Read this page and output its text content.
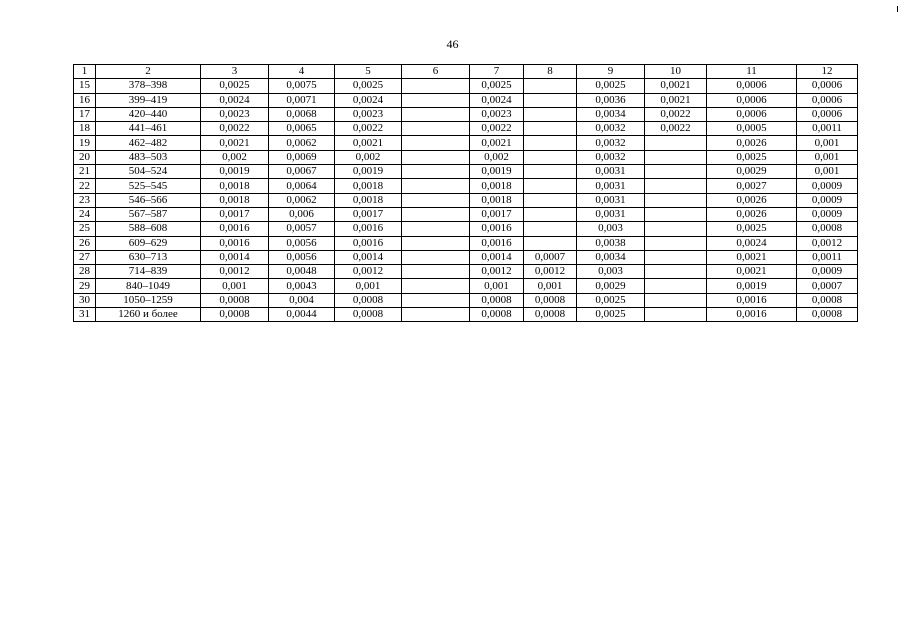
46
1	2	3	4	5	6	7	8	9	10	11	12
15	378–398	0,0025	0,0075	0,0025		0,0025		0,0025	0,0021	0,0006	0,0006
16	399–419	0,0024	0,0071	0,0024		0,0024		0,0036	0,0021	0,0006	0,0006
17	420–440	0,0023	0,0068	0,0023		0,0023		0,0034	0,0022	0,0006	0,0006
18	441–461	0,0022	0,0065	0,0022		0,0022		0,0032	0,0022	0,0005	0,0011
19	462–482	0,0021	0,0062	0,0021		0,0021		0,0032		0,0026	0,001
20	483–503	0,002	0,0069	0,002		0,002		0,0032		0,0025	0,001
21	504–524	0,0019	0,0067	0,0019		0,0019		0,0031		0,0029	0,001
22	525–545	0,0018	0,0064	0,0018		0,0018		0,0031		0,0027	0,0009
23	546–566	0,0018	0,0062	0,0018		0,0018		0,0031		0,0026	0,0009
24	567–587	0,0017	0,006	0,0017		0,0017		0,0031		0,0026	0,0009
25	588–608	0,0016	0,0057	0,0016		0,0016		0,003		0,0025	0,0008
26	609–629	0,0016	0,0056	0,0016		0,0016		0,0038		0,0024	0,0012
27	630–713	0,0014	0,0056	0,0014		0,0014	0,0007	0,0034		0,0021	0,0011
28	714–839	0,0012	0,0048	0,0012		0,0012	0,0012	0,003		0,0021	0,0009
29	840–1049	0,001	0,0043	0,001		0,001	0,001	0,0029		0,0019	0,0007
30	1050–1259	0,0008	0,004	0,0008		0,0008	0,0008	0,0025		0,0016	0,0008
31	1260 и более	0,0008	0,0044	0,0008		0,0008	0,0008	0,0025		0,0016	0,0008
